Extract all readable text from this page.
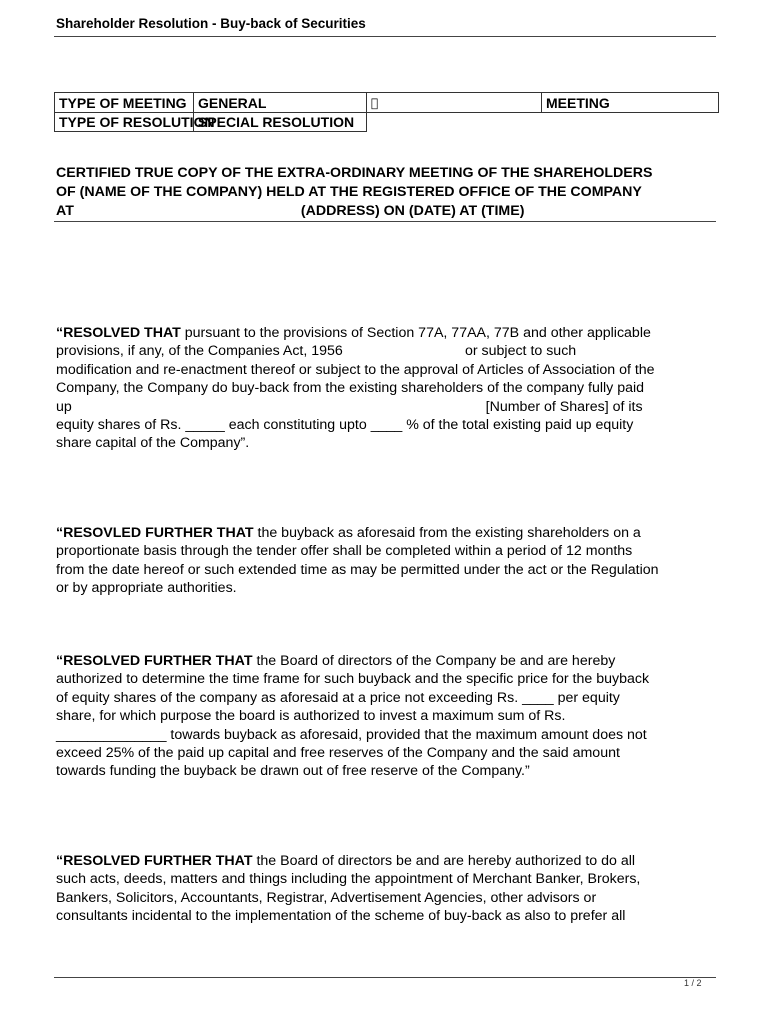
Shareholder Resolution - Buy-back of Securities
TYPE OF MEETING	GENERAL		MEETING
TYPE OF RESOLUTION	SPECIAL RESOLUTION		
CERTIFIED TRUE COPY OF THE EXTRA-ORDINARY MEETING OF THE SHAREHOLDERS
OF (NAME OF THE COMPANY) HELD AT THE REGISTERED OFFICE OF THE COMPANY
AT	(ADDRESS) ON (DATE) AT (TIME)
“RESOLVED THAT pursuant to the provisions of Section 77A, 77AA, 77B and other applicable
provisions, if any, of the Companies Act, 1956                               or subject to such
modification and re-enactment thereof or subject to the approval of Articles of Association of the
Company, the Company do buy-back from the existing shareholders of the company fully paid
up                                                                                                         [Number of Shares] of its
equity shares of Rs. _____ each constituting upto ____ % of the total existing paid up equity
share capital of the Company”.
“RESOVLED FURTHER THAT the buyback as aforesaid from the existing shareholders on a
proportionate basis through the tender offer shall be completed within a period of 12 months
from the date hereof or such extended time as may be permitted under the act or the Regulation
or by appropriate authorities.
“RESOLVED FURTHER THAT the Board of directors of the Company be and are hereby
authorized to determine the time frame for such buyback and the specific price for the buyback
of equity shares of the company as aforesaid at a price not exceeding Rs. ____ per equity
share, for which purpose the board is authorized to invest a maximum sum of Rs.
______________ towards buyback as aforesaid, provided that the maximum amount does not
exceed 25% of the paid up capital and free reserves of the Company and the said amount
towards funding the buyback be drawn out of free reserve of the Company.”
“RESOLVED FURTHER THAT the Board of directors be and are hereby authorized to do all
such acts, deeds, matters and things including the appointment of Merchant Banker, Brokers,
Bankers, Solicitors, Accountants, Registrar, Advertisement Agencies, other advisors or
consultants incidental to the implementation of the scheme of buy-back as also to prefer all
1 / 2
